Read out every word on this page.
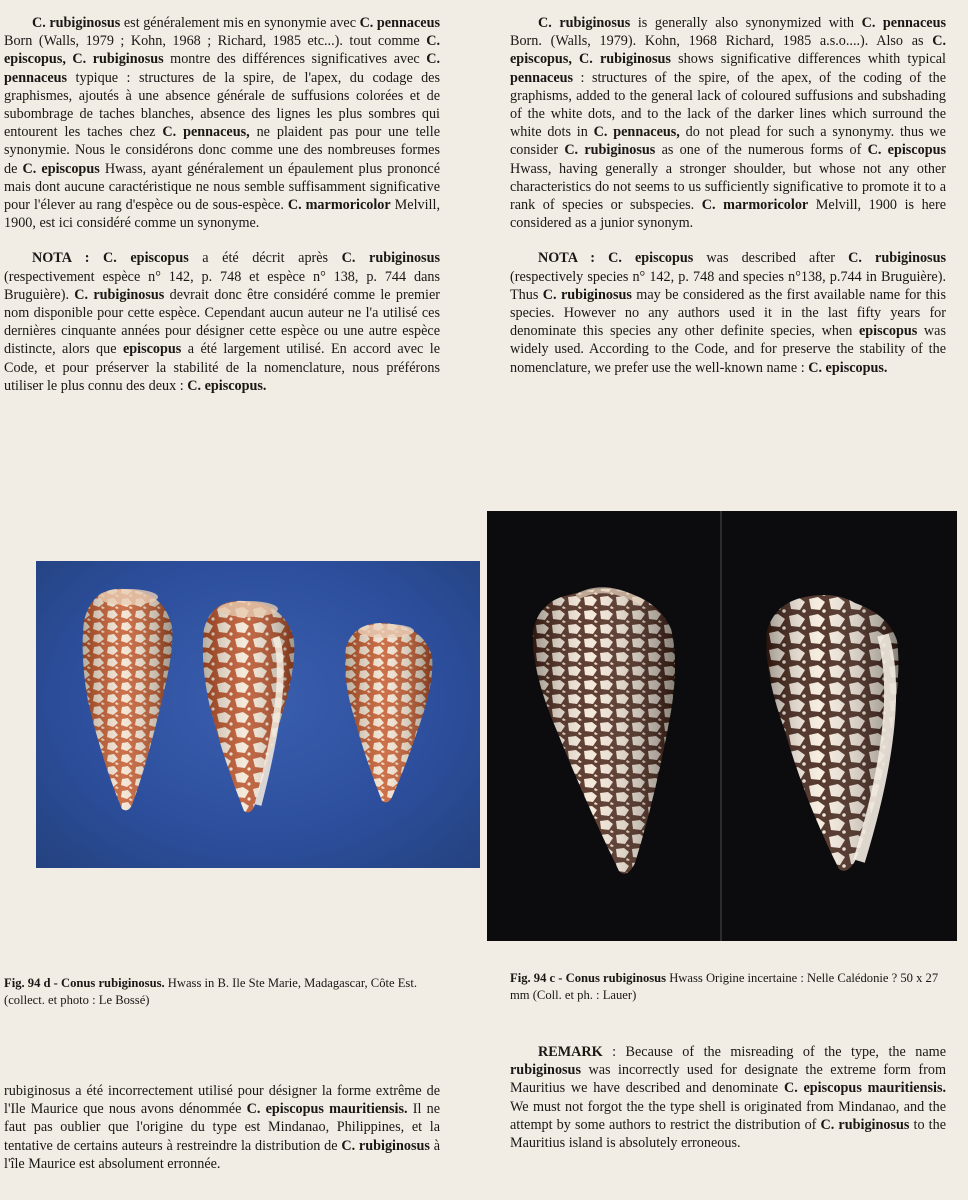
C. rubiginosus est généralement mis en synonymie avec C. pennaceus Born (Walls, 1979 ; Kohn, 1968 ; Richard, 1985 etc...). tout comme C. episcopus, C. rubiginosus montre des différences significatives avec C. pennaceus typique : structures de la spire, de l'apex, du codage des graphismes, ajoutés à une absence générale de suffusions colorées et de subombrage de taches blanches, absence des lignes les plus sombres qui entourent les taches chez C. pennaceus, ne plaident pas pour une telle synonymie. Nous le considérons donc comme une des nombreuses formes de C. episcopus Hwass, ayant généralement un épaulement plus prononcé mais dont aucune caractéristique ne nous semble suffisamment significative pour l'élever au rang d'espèce ou de sous-espèce. C. marmoricolor Melvill, 1900, est ici considéré comme un synonyme.

NOTA : C. episcopus a été décrit après C. rubiginosus (respectivement espèce n° 142, p. 748 et espèce n° 138, p. 744 dans Bruguière). C. rubiginosus devrait donc être considéré comme le premier nom disponible pour cette espèce. Cependant aucun auteur ne l'a utilisé ces dernières cinquante années pour désigner cette espèce ou une autre espèce distincte, alors que episcopus a été largement utilisé. En accord avec le Code, et pour préserver la stabilité de la nomenclature, nous préférons utiliser le plus connu des deux : C. episcopus.

C. rubiginosus is generally also synonymized with C. pennaceus Born. (Walls, 1979). Kohn, 1968 Richard, 1985 a.s.o....). Also as C. episcopus, C. rubiginosus shows significative differences whith typical pennaceus : structures of the spire, of the apex, of the coding of the graphisms, added to the general lack of coloured suffusions and subshading of the white dots, and to the lack of the darker lines which surround the white dots in C. pennaceus, do not plead for such a synonymy. thus we consider C. rubiginosus as one of the numerous forms of C. episcopus Hwass, having generally a stronger shoulder, but whose not any other characteristics do not seems to us sufficiently significative to promote it to a rank of species or subspecies. C. marmoricolor Melvill, 1900 is here considered as a junior synonym.

NOTA : C. episcopus was described after C. rubiginosus (respectively species n° 142, p. 748 and species n°138, p.744 in Bruguière). Thus C. rubiginosus may be considered as the first available name for this species. However no any authors used it in the last fifty years for denominate this species any other definite species, when episcopus was widely used. According to the Code, and for preserve the stability of the nomenclature, we prefer use the well-known name : C. episcopus.

Fig. 94 d - Conus rubiginosus. Hwass in B. Ile Ste Marie, Madagascar, Côte Est. (collect. et photo : Le Bossé)
Fig. 94 c - Conus rubiginosus Hwass Origine incertaine : Nelle Calédonie ? 50 x 27 mm (Coll. et ph. : Lauer)

rubiginosus a été incorrectement utilisé pour désigner la forme extrême de l'Ile Maurice que nous avons dénommée C. episcopus mauritiensis. Il ne faut pas oublier que l'origine du type est Mindanao, Philippines, et la tentative de certains auteurs à restreindre la distribution de C. rubiginosus à l'île Maurice est absolument erronnée.

REMARK : Because of the misreading of the type, the name rubiginosus was incorrectly used for designate the extreme form from Mauritius we have described and denominate C. episcopus mauritiensis. We must not forgot the the type shell is originated from Mindanao, and the attempt by some authors to restrict the distribution of C. rubiginosus to the Mauritius island is absolutely erroneous.
